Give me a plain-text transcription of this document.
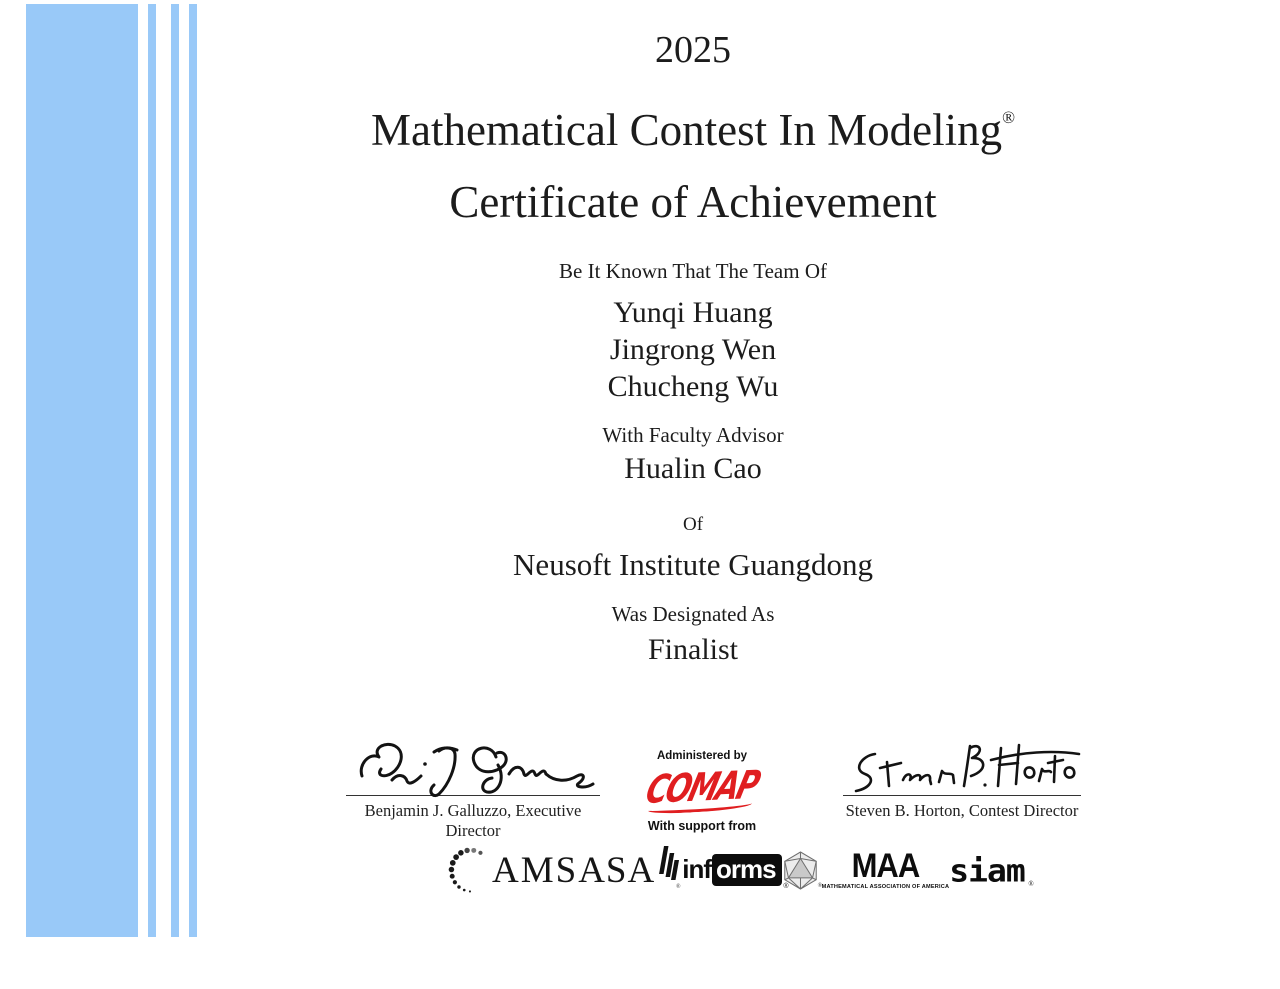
2025
Mathematical Contest In Modeling®
Certificate of Achievement
Be It Known That The Team Of
Yunqi Huang
Jingrong Wen
Chucheng Wu
With Faculty Advisor
Hualin Cao
Of
Neusoft Institute Guangdong
Was Designated As
Finalist
Benjamin J. Galluzzo, Executive Director
Administered by
COMAP
With support from
Steven B. Horton, Contest Director
AMS ASA	®
inf orms
®	®
MAA
MATHEMATICAL ASSOCIATION OF AMERICA siam ®
